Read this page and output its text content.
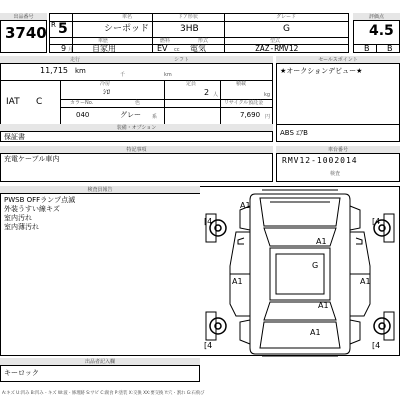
出品番号
3740
車名	ドア形状	グレード
R 5	シーポッド	3HB	G
車歴	燃料	形式	型式
9 月 自家用	EV cc 電気	ZAZ-RMV12
評価点
4.5
B B
走行	シフト
11,715 km	千	km
冷房	定員	積載
IAT C
ｼﾛ	2 人	kg
カラーNo.	色	リサイクル預託金
040	グレー 系	7,690 円
装備・オプション
保証書
セールスポイント
★オークションデビュー★
ABS ｴｱB
特記事項
充電ケーブル車内
車台番号
RMV12-1002014
検査
検査員報告
PWSB OFFランプ点滅
外装うすい線キズ
室内汚れ
室内薄汚れ
[4	[4
[4	[4
A1
A1
G
A1	A1
A1
A1
出品者記入欄
キーロック
A:キズ U:凹み B:凹み・キズ W:波・修理跡 S:サビ C:腐食 P:塗装 X:交換 XX:要交換 Y:穴・割れ G:石飛び
